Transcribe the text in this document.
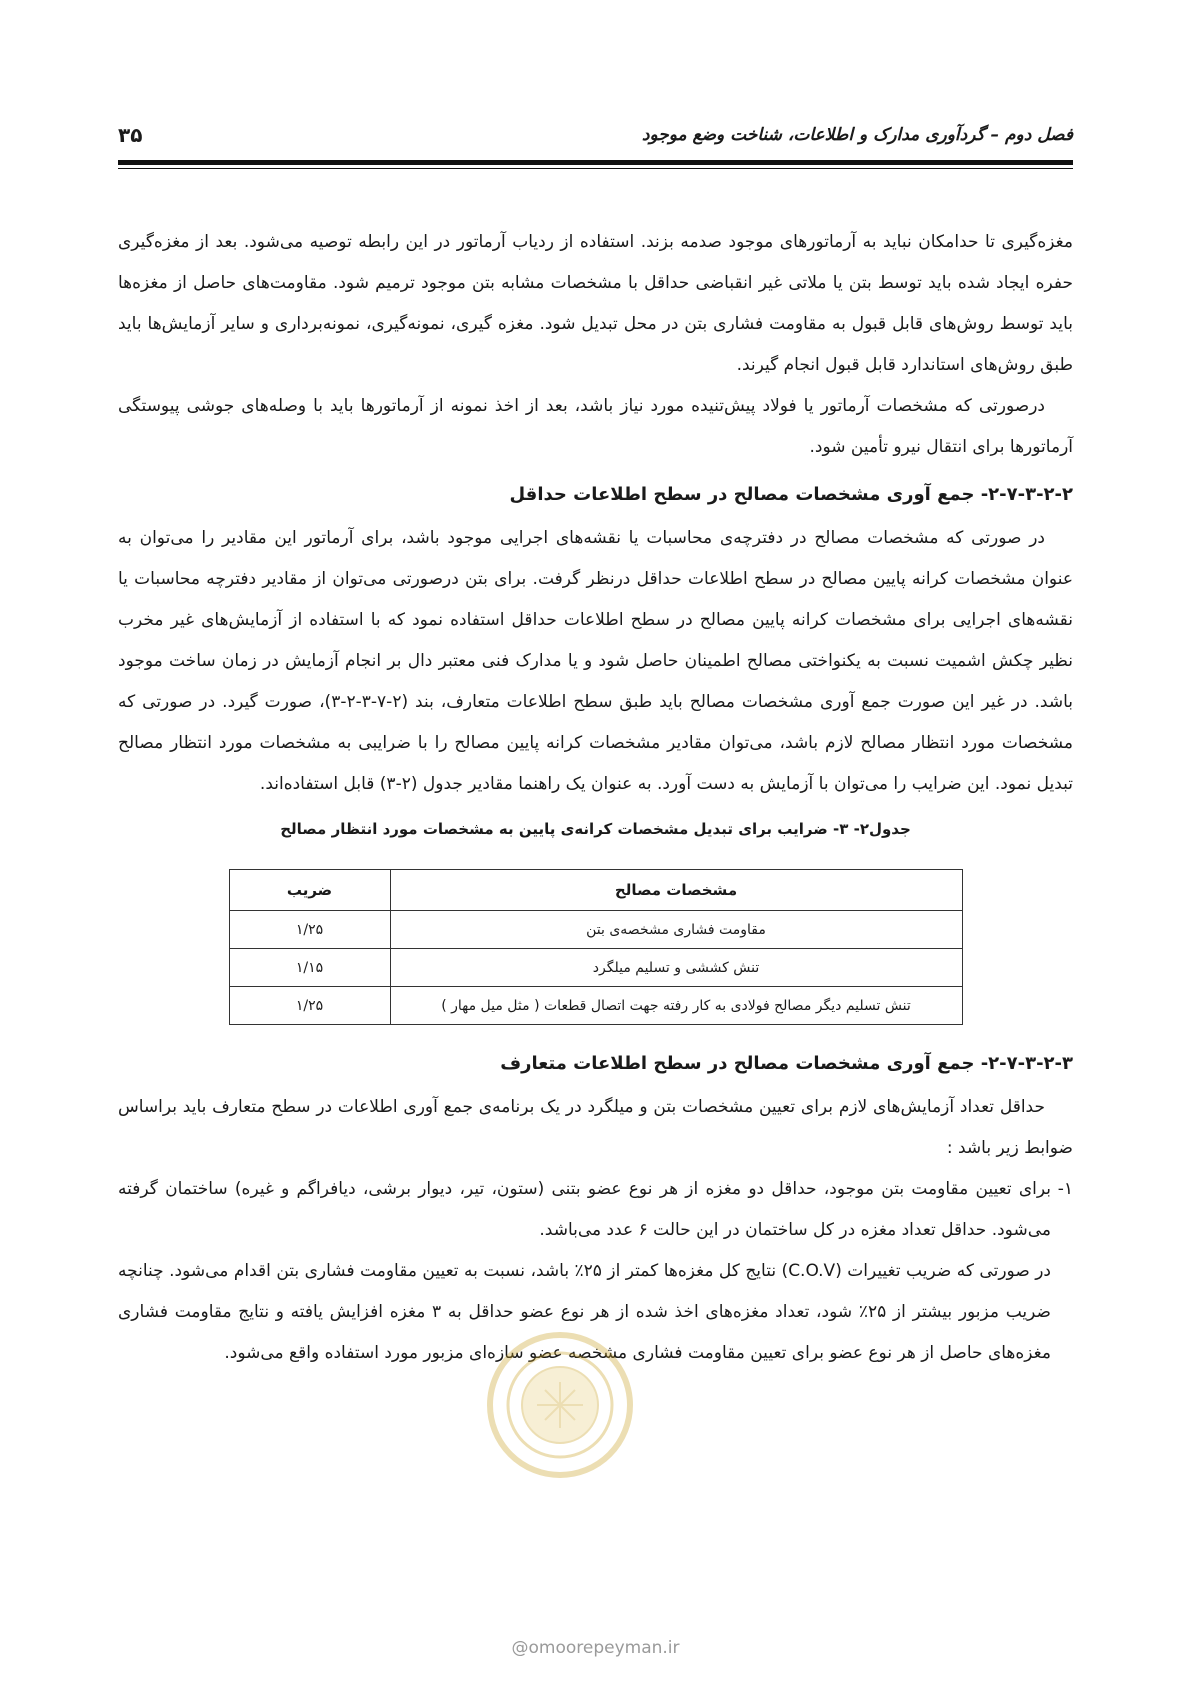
فصل دوم – گردآوری مدارک و اطلاعات، شناخت وضع موجود
۳۵

مغزه‌گیری تا حدامکان نباید به آرماتورهای موجود صدمه بزند. استفاده از ردیاب آرماتور در این رابطه توصیه می‌شود. بعد از مغزه‌گیری حفره ایجاد شده باید توسط بتن یا ملاتی غیر انقباضی حداقل با مشخصات مشابه بتن موجود ترمیم شود. مقاومت‌های حاصل از مغزه‌ها باید توسط روش‌های قابل قبول به مقاومت فشاری بتن در محل تبدیل شود. مغزه گیری، نمونه‌گیری، نمونه‌برداری و سایر آزمایش‌ها باید طبق روش‌های استاندارد قابل قبول انجام گیرند.

درصورتی که مشخصات آرماتور یا فولاد پیش‌تنیده مورد نیاز باشد، بعد از اخذ نمونه از آرماتورها باید با وصله‌های جوشی پیوستگی آرماتورها برای انتقال نیرو تأمین شود.

۲-۷-۳-۲-۲- جمع آوری مشخصات مصالح در سطح اطلاعات حداقل

در صورتی که مشخصات مصالح در دفترچه‌ی محاسبات یا نقشه‌های اجرایی موجود باشد، برای آرماتور این مقادیر را می‌توان به عنوان مشخصات کرانه پایین مصالح در سطح اطلاعات حداقل درنظر گرفت. برای بتن درصورتی می‌توان از مقادیر دفترچه محاسبات یا نقشه‌های اجرایی برای مشخصات کرانه پایین مصالح در سطح اطلاعات حداقل استفاده نمود که با استفاده از آزمایش‌های غیر مخرب نظیر چکش اشمیت نسبت به یکنواختی مصالح اطمینان حاصل شود و یا مدارک فنی معتبر دال بر انجام آزمایش در زمان ساخت موجود باشد. در غیر این صورت جمع آوری مشخصات مصالح باید طبق سطح اطلاعات متعارف، بند (۲-۷-۳-۲-۳)، صورت گیرد. در صورتی که مشخصات مورد انتظار مصالح لازم باشد، می‌توان مقادیر مشخصات کرانه پایین مصالح را با ضرایبی به مشخصات مورد انتظار مصالح تبدیل نمود. این ضرایب را می‌توان با آزمایش به دست آورد. به عنوان یک راهنما مقادیر جدول (۲-۳) قابل استفاده‌اند.

جدول۲- ۳- ضرایب برای تبدیل مشخصات کرانه‌ی پایین به مشخصات مورد انتظار مصالح
مشخصات مصالح	ضریب
مقاومت فشاری مشخصه‌ی بتن	۱/۲۵
تنش کششی و تسلیم میلگرد	۱/۱۵
تنش تسلیم دیگر مصالح فولادی به کار رفته جهت اتصال قطعات ( مثل میل مهار )	۱/۲۵
۲-۷-۳-۲-۳- جمع آوری مشخصات مصالح در سطح اطلاعات متعارف

حداقل تعداد آزمایش‌های لازم برای تعیین مشخصات بتن و میلگرد در یک برنامه‌ی جمع آوری اطلاعات در سطح متعارف باید براساس ضوابط زیر باشد :

۱-
برای تعیین مقاومت بتن موجود، حداقل دو مغزه از هر نوع عضو بتنی (ستون، تیر، دیوار برشی، دیافراگم و غیره) ساختمان گرفته می‌شود. حداقل تعداد مغزه در کل ساختمان در این حالت ۶ عدد می‌باشد.

در صورتی که ضریب تغییرات (C.O.V) نتایج کل مغزه‌ها کمتر از ۲۵٪ باشد، نسبت به تعیین مقاومت فشاری بتن اقدام می‌شود. چنانچه ضریب مزبور بیشتر از ۲۵٪ شود، تعداد مغزه‌های اخذ شده از هر نوع عضو حداقل به ۳ مغزه افزایش یافته و نتایج مقاومت فشاری مغزه‌های حاصل از هر نوع عضو برای تعیین مقاومت فشاری مشخصه عضو سازه‌ای مزبور مورد استفاده واقع می‌شود.

@omoorepeyman.ir
